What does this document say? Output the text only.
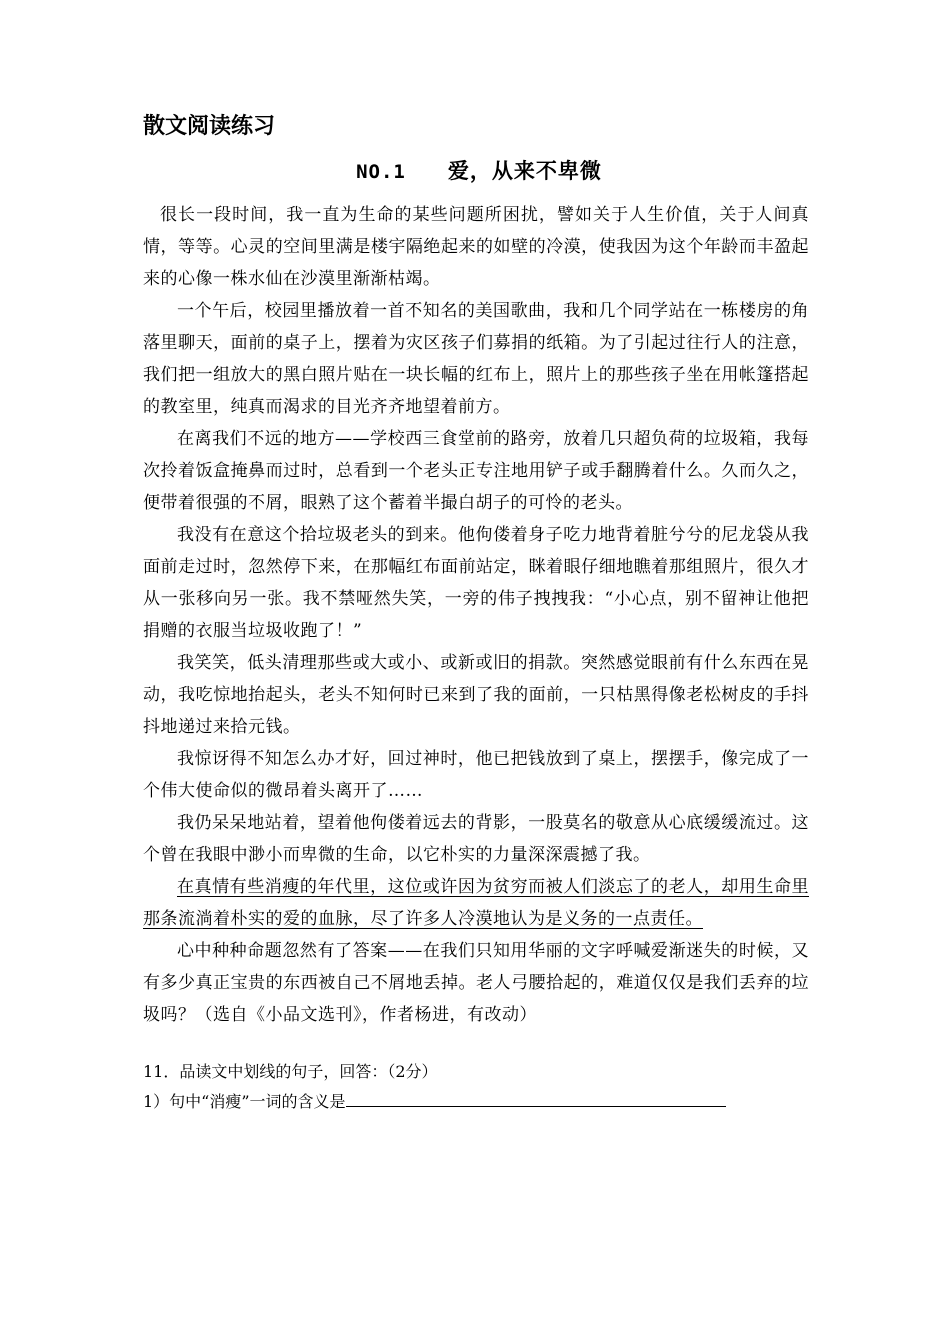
散文阅读练习
NO.1 爱，从来不卑微

很长一段时间，我一直为生命的某些问题所困扰，譬如关于人生价值，关于人间真情，等等。心灵的空间里满是楼宇隔绝起来的如壁的冷漠，使我因为这个年龄而丰盈起来的心像一株水仙在沙漠里渐渐枯竭。

一个午后，校园里播放着一首不知名的美国歌曲，我和几个同学站在一栋楼房的角落里聊天，面前的桌子上，摆着为灾区孩子们募捐的纸箱。为了引起过往行人的注意，我们把一组放大的黑白照片贴在一块长幅的红布上，照片上的那些孩子坐在用帐篷搭起的教室里，纯真而渴求的目光齐齐地望着前方。

在离我们不远的地方——学校西三食堂前的路旁，放着几只超负荷的垃圾箱，我每次拎着饭盒掩鼻而过时，总看到一个老头正专注地用铲子或手翻腾着什么。久而久之，便带着很强的不屑，眼熟了这个蓄着半撮白胡子的可怜的老头。

我没有在意这个拾垃圾老头的到来。他佝偻着身子吃力地背着脏兮兮的尼龙袋从我面前走过时，忽然停下来，在那幅红布面前站定，眯着眼仔细地瞧着那组照片，很久才从一张移向另一张。我不禁哑然失笑，一旁的伟子拽拽我：“小心点，别不留神让他把捐赠的衣服当垃圾收跑了！”

我笑笑，低头清理那些或大或小、或新或旧的捐款。突然感觉眼前有什么东西在晃动，我吃惊地抬起头，老头不知何时已来到了我的面前，一只枯黑得像老松树皮的手抖抖地递过来拾元钱。

我惊讶得不知怎么办才好，回过神时，他已把钱放到了桌上，摆摆手，像完成了一个伟大使命似的微昂着头离开了……

我仍呆呆地站着，望着他佝偻着远去的背影，一股莫名的敬意从心底缓缓流过。这个曾在我眼中渺小而卑微的生命，以它朴实的力量深深震撼了我。

在真情有些消瘦的年代里，这位或许因为贫穷而被人们淡忘了的老人，却用生命里那条流淌着朴实的爱的血脉，尽了许多人冷漠地认为是义务的一点责任。

心中种种命题忽然有了答案——在我们只知用华丽的文字呼喊爱渐迷失的时候，又有多少真正宝贵的东西被自己不屑地丢掉。老人弓腰拾起的，难道仅仅是我们丢弃的垃圾吗？（选自《小品文选刊》，作者杨进，有改动）

11．品读文中划线的句子，回答：（2分）

1）句中“消瘦”一词的含义是
